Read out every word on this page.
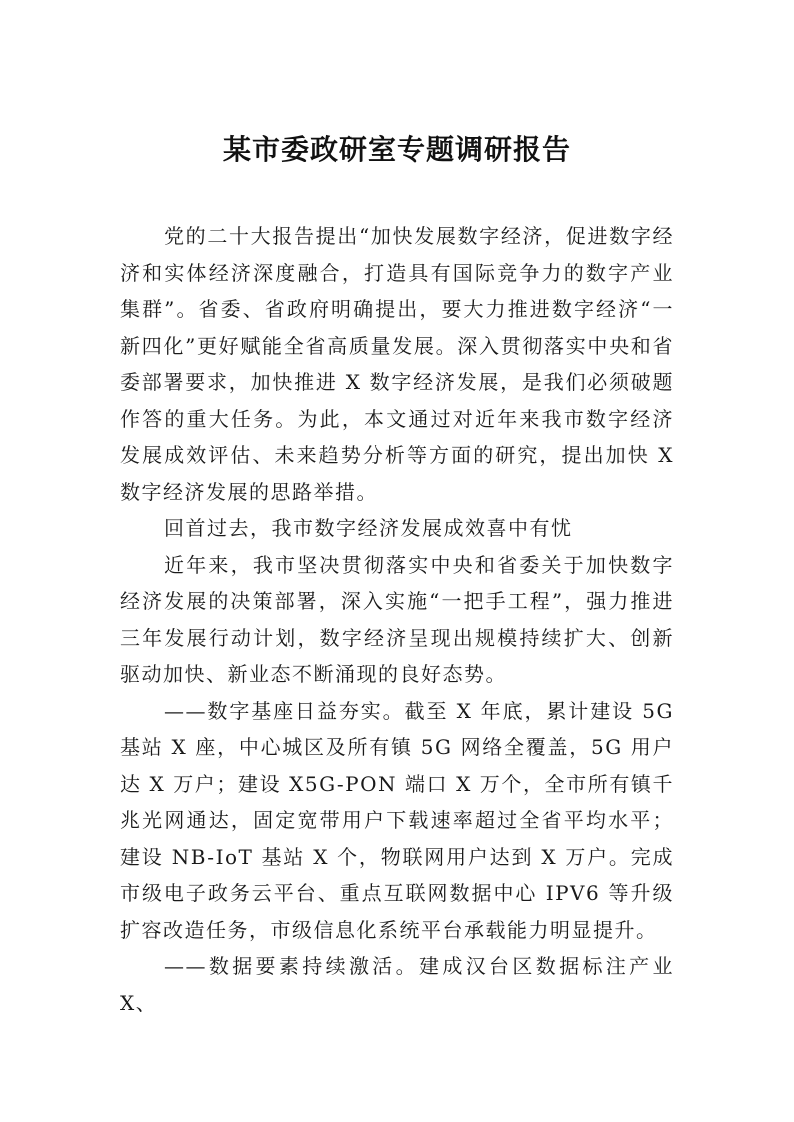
某市委政研室专题调研报告

党的二十大报告提出“加快发展数字经济，促进数字经济和实体经济深度融合，打造具有国际竞争力的数字产业集群”。省委、省政府明确提出，要大力推进数字经济“一新四化”更好赋能全省高质量发展。深入贯彻落实中央和省委部署要求，加快推进 X 数字经济发展，是我们必须破题作答的重大任务。为此，本文通过对近年来我市数字经济发展成效评估、未来趋势分析等方面的研究，提出加快 X 数字经济发展的思路举措。

回首过去，我市数字经济发展成效喜中有忧

近年来，我市坚决贯彻落实中央和省委关于加快数字经济发展的决策部署，深入实施“一把手工程”，强力推进三年发展行动计划，数字经济呈现出规模持续扩大、创新驱动加快、新业态不断涌现的良好态势。

——数字基座日益夯实。截至 X 年底，累计建设 5G 基站 X 座，中心城区及所有镇 5G 网络全覆盖，5G 用户达 X 万户；建设 X5G-PON 端口 X 万个，全市所有镇千兆光网通达，固定宽带用户下载速率超过全省平均水平；建设 NB-IoT 基站 X 个，物联网用户达到 X 万户。完成市级电子政务云平台、重点互联网数据中心 IPV6 等升级扩容改造任务，市级信息化系统平台承载能力明显提升。

——数据要素持续激活。建成汉台区数据标注产业X、
